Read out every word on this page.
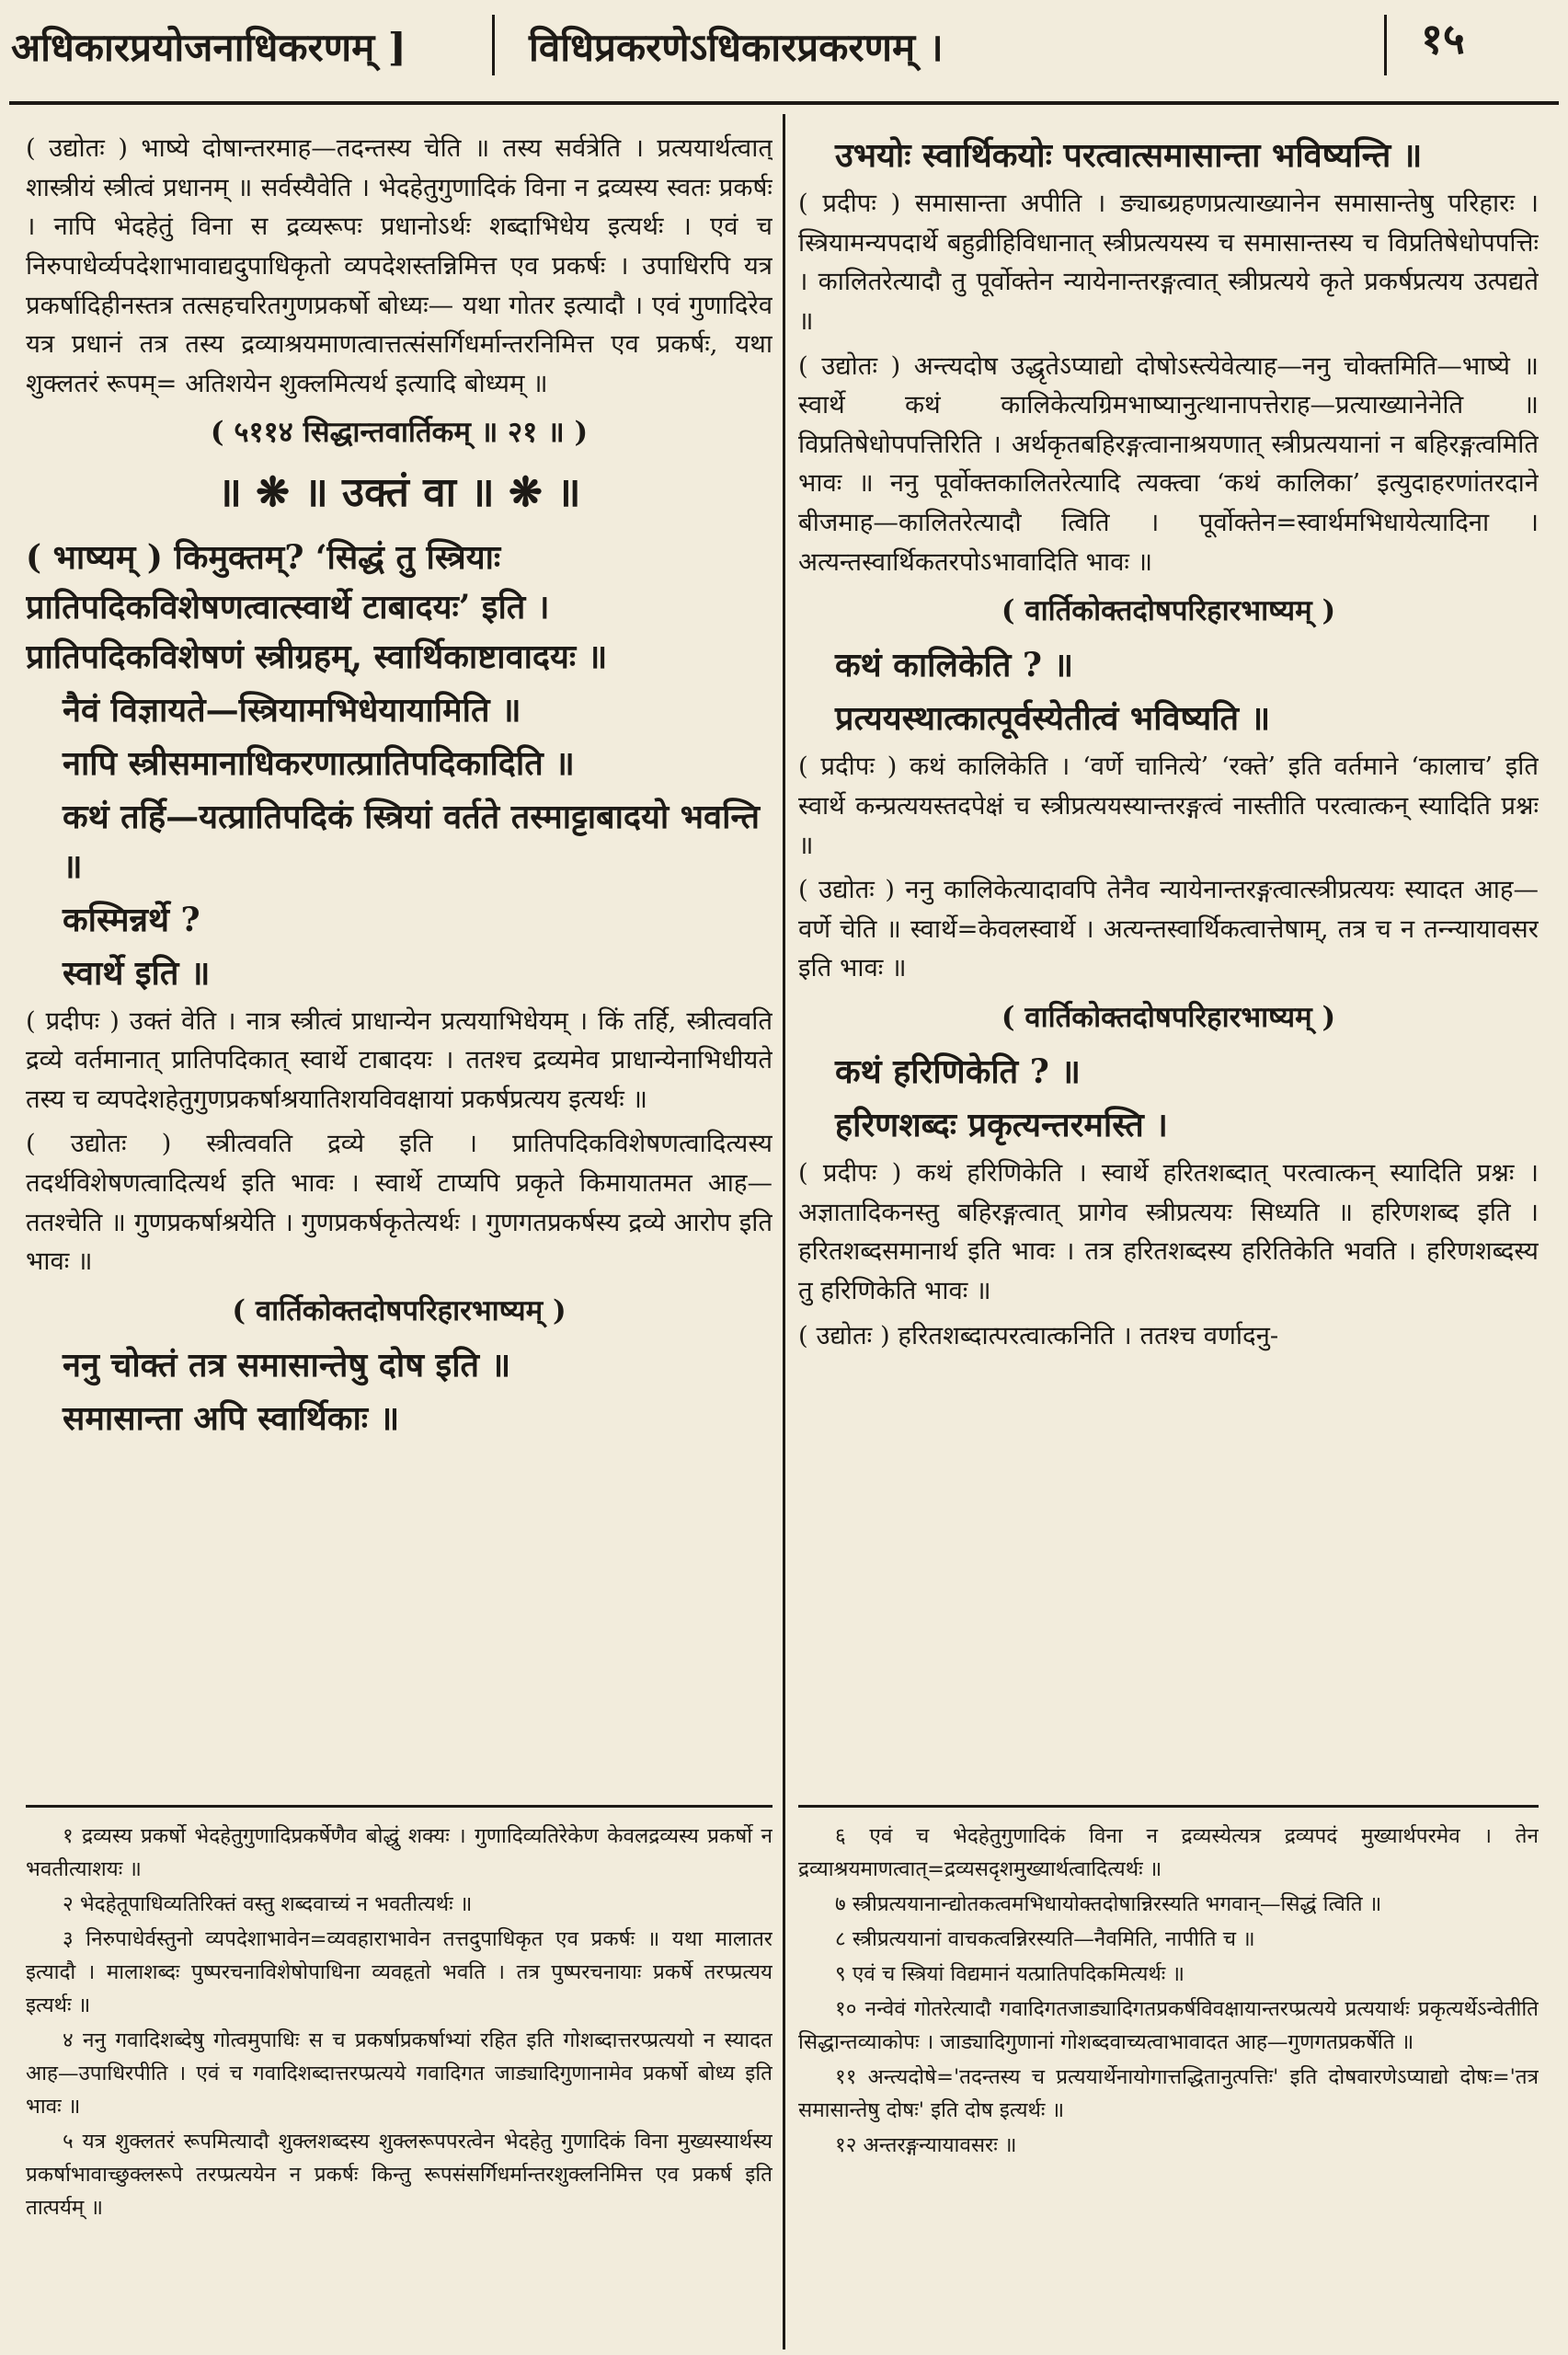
अधिकारप्रयोजनाधिकरणम् ]	विधिप्रकरणेऽधिकारप्रकरणम् ।	१५

( उद्योतः ) भाष्ये दोषान्तरमाह—तदन्तस्य चेति ॥ तस्य सर्वत्रेति । प्रत्ययार्थत्वात् शास्त्रीयं स्त्रीत्वं प्रधानम् ॥ सर्वस्यैवेति । भेदहेतुगुणादिकं विना न द्रव्यस्य स्वतः प्रकर्षः । नापि भेदहेतुं विना स द्रव्यरूपः प्रधानोऽर्थः शब्दाभिधेय इत्यर्थः । एवं च निरुपाधेर्व्यपदेशाभावाद्यदुपाधिकृतो व्यपदेशस्तन्निमित्त एव प्रकर्षः । उपाधिरपि यत्र प्रकर्षादिहीनस्तत्र तत्सहचरितगुणप्रकर्षो बोध्यः— यथा गोतर इत्यादौ । एवं गुणादिरेव यत्र प्रधानं तत्र तस्य द्रव्याश्रयमाणत्वात्तत्संसर्गिधर्मान्तरनिमित्त एव प्रकर्षः, यथा शुक्लतरं रूपम्= अतिशयेन शुक्लमित्यर्थ इत्यादि बोध्यम् ॥

( ५११४ सिद्धान्तवार्तिकम् ॥ २१ ॥ )

॥ ❋ ॥ उक्तं वा ॥ ❋ ॥

( भाष्यम् ) किमुक्तम्? ‘सिद्धं तु स्त्रियाः प्रातिपदिकविशेषणत्वात्स्वार्थे टाबादयः’ इति । प्रातिपदिकविशेषणं स्त्रीग्रहम्, स्वार्थिकाष्टावादयः ॥

नैवं विज्ञायते—स्त्रियामभिधेयायामिति ॥

नापि स्त्रीसमानाधिकरणात्प्रातिपदिकादिति ॥

कथं तर्हि—यत्प्रातिपदिकं स्त्रियां वर्तते तस्माट्टाबादयो भवन्ति ॥

कस्मिन्नर्थे ?

स्वार्थे इति ॥

( प्रदीपः ) उक्तं वेति । नात्र स्त्रीत्वं प्राधान्येन प्रत्ययाभिधेयम् । किं तर्हि, स्त्रीत्ववति द्रव्ये वर्तमानात् प्रातिपदिकात् स्वार्थे टाबादयः । ततश्च द्रव्यमेव प्राधान्येनाभिधीयते तस्य च व्यपदेशहेतुगुणप्रकर्षाश्रयातिशयविवक्षायां प्रकर्षप्रत्यय इत्यर्थः ॥

( उद्योतः ) स्त्रीत्ववति द्रव्ये इति । प्रातिपदिकविशेषणत्वादित्यस्य तदर्थविशेषणत्वादित्यर्थ इति भावः । स्वार्थे टाप्यपि प्रकृते किमायातमत आह—ततश्चेति ॥ गुणप्रकर्षाश्रयेति । गुणप्रकर्षकृतेत्यर्थः । गुणगतप्रकर्षस्य द्रव्ये आरोप इति भावः ॥

( वार्तिकोक्तदोषपरिहारभाष्यम् )

ननु चोक्तं तत्र समासान्तेषु दोष इति ॥

समासान्ता अपि स्वार्थिकाः ॥

उभयोः स्वार्थिकयोः परत्वात्समासान्ता भविष्यन्ति ॥

( प्रदीपः ) समासान्ता अपीति । ङ्याब्ग्रहणप्रत्याख्यानेन समासान्तेषु परिहारः । स्त्रियामन्यपदार्थे बहुव्रीहिविधानात् स्त्रीप्रत्ययस्य च समासान्तस्य च विप्रतिषेधोपपत्तिः । कालितरेत्यादौ तु पूर्वोक्तेन न्यायेनान्तरङ्गत्वात् स्त्रीप्रत्यये कृते प्रकर्षप्रत्यय उत्पद्यते ॥

( उद्योतः ) अन्त्यदोष उद्धृतेऽप्याद्यो दोषोऽस्त्येवेत्याह—ननु चोक्तमिति—भाष्ये ॥ स्वार्थे कथं कालिकेत्यग्रिमभाष्यानुत्थानापत्तेराह—प्रत्याख्यानेनेति ॥ विप्रतिषेधोपपत्तिरिति । अर्थकृतबहिरङ्गत्वानाश्रयणात् स्त्रीप्रत्ययानां न बहिरङ्गत्वमिति भावः ॥ ननु पूर्वोक्तकालितरेत्यादि त्यक्त्वा ‘कथं कालिका’ इत्युदाहरणांतरदाने बीजमाह—कालितरेत्यादौ त्विति । पूर्वोक्तेन=स्वार्थमभिधायेत्यादिना । अत्यन्तस्वार्थिकतरपोऽभावादिति भावः ॥

( वार्तिकोक्तदोषपरिहारभाष्यम् )

कथं कालिकेति ? ॥

प्रत्ययस्थात्कात्पूर्वस्येतीत्वं भविष्यति ॥

( प्रदीपः ) कथं कालिकेति । ‘वर्णे चानित्ये’ ‘रक्ते’ इति वर्तमाने ‘कालाच’ इति स्वार्थे कन्प्रत्ययस्तदपेक्षं च स्त्रीप्रत्ययस्यान्तरङ्गत्वं नास्तीति परत्वात्कन् स्यादिति प्रश्नः ॥

( उद्योतः ) ननु कालिकेत्यादावपि तेनैव न्यायेनान्तरङ्गत्वात्स्त्रीप्रत्ययः स्यादत आह—वर्णे चेति ॥ स्वार्थे=केवलस्वार्थे । अत्यन्तस्वार्थिकत्वात्तेषाम्, तत्र च न तन्न्यायावसर इति भावः ॥

( वार्तिकोक्तदोषपरिहारभाष्यम् )

कथं हरिणिकेति ? ॥

हरिणशब्दः प्रकृत्यन्तरमस्ति ।

( प्रदीपः ) कथं हरिणिकेति । स्वार्थे हरितशब्दात् परत्वात्कन् स्यादिति प्रश्नः । अज्ञातादिकनस्तु बहिरङ्गत्वात् प्रागेव स्त्रीप्रत्ययः सिध्यति ॥ हरिणशब्द इति । हरितशब्दसमानार्थ इति भावः । तत्र हरितशब्दस्य हरितिकेति भवति । हरिणशब्दस्य तु हरिणिकेति भावः ॥

( उद्योतः ) हरितशब्दात्परत्वात्कनिति । ततश्च वर्णादनु-

१ द्रव्यस्य प्रकर्षो भेदहेतुगुणादिप्रकर्षेणैव बोद्धुं शक्यः । गुणादिव्यतिरेकेण केवलद्रव्यस्य प्रकर्षो न भवतीत्याशयः ॥

२ भेदहेतूपाधिव्यतिरिक्तं वस्तु शब्दवाच्यं न भवतीत्यर्थः ॥

३ निरुपाधेर्वस्तुनो व्यपदेशाभावेन=व्यवहाराभावेन तत्तदुपाधिकृत एव प्रकर्षः ॥ यथा मालातर इत्यादौ । मालाशब्दः पुष्परचनाविशेषोपाधिना व्यवहृतो भवति । तत्र पुष्परचनायाः प्रकर्षे तरप्प्रत्यय इत्यर्थः ॥

४ ननु गवादिशब्देषु गोत्वमुपाधिः स च प्रकर्षाप्रकर्षाभ्यां रहित इति गोशब्दात्तरप्प्रत्ययो न स्यादत आह—उपाधिरपीति । एवं च गवादिशब्दात्तरप्प्रत्यये गवादिगत जाड्यादिगुणानामेव प्रकर्षो बोध्य इति भावः ॥

५ यत्र शुक्लतरं रूपमित्यादौ शुक्लशब्दस्य शुक्लरूपपरत्वेन भेदहेतु गुणादिकं विना मुख्यस्यार्थस्य प्रकर्षाभावाच्छुक्लरूपे तरप्प्रत्ययेन न प्रकर्षः किन्तु रूपसंसर्गिधर्मान्तरशुक्लनिमित्त एव प्रकर्ष इति तात्पर्यम् ॥

६ एवं च भेदहेतुगुणादिकं विना न द्रव्यस्येत्यत्र द्रव्यपदं मुख्यार्थपरमेव । तेन द्रव्याश्रयमाणत्वात्=द्रव्यसदृशमुख्यार्थत्वादित्यर्थः ॥

७ स्त्रीप्रत्ययानान्द्योतकत्वमभिधायोक्तदोषान्निरस्यति भगवान्—सिद्धं त्विति ॥

८ स्त्रीप्रत्ययानां वाचकत्वन्निरस्यति—नैवमिति, नापीति च ॥

९ एवं च स्त्रियां विद्यमानं यत्प्रातिपदिकमित्यर्थः ॥

१० नन्वेवं गोतरेत्यादौ गवादिगतजाड्यादिगतप्रकर्षविवक्षायान्तरप्प्रत्यये प्रत्ययार्थः प्रकृत्यर्थेऽन्वेतीति सिद्धान्तव्याकोपः । जाड्यादिगुणानां गोशब्दवाच्यत्वाभावादत आह—गुणगतप्रकर्षेति ॥

११ अन्त्यदोषे='तदन्तस्य च प्रत्ययार्थेनायोगात्तद्धितानुत्पत्तिः' इति दोषवारणेऽप्याद्यो दोषः='तत्र समासान्तेषु दोषः' इति दोष इत्यर्थः ॥

१२ अन्तरङ्गन्यायावसरः ॥
